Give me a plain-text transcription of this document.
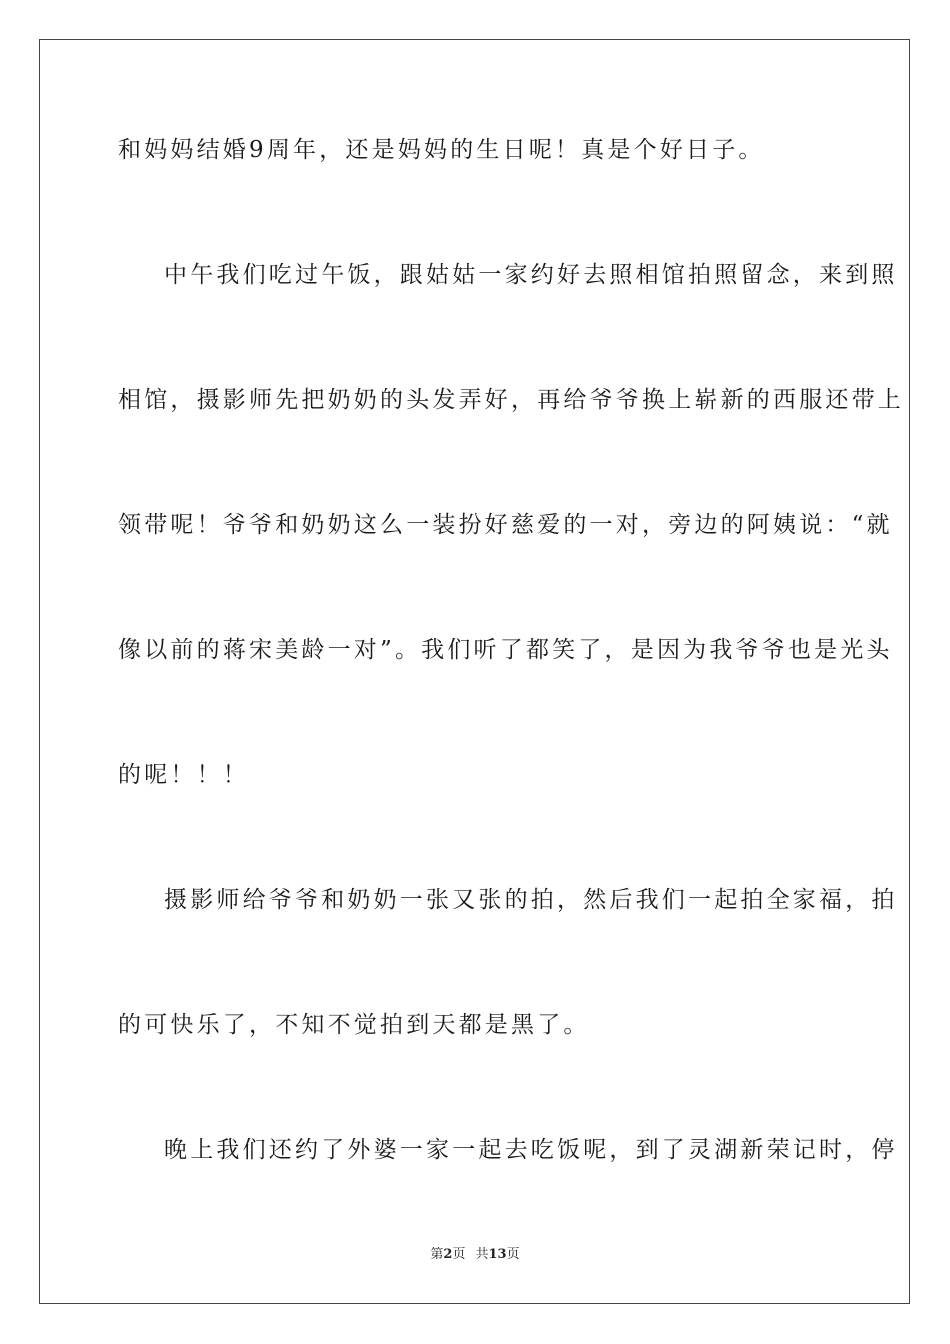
和妈妈结婚9周年，还是妈妈的生日呢！真是个好日子。
中午我们吃过午饭，跟姑姑一家约好去照相馆拍照留念，来到照
相馆，摄影师先把奶奶的头发弄好，再给爷爷换上崭新的西服还带上
领带呢！爷爷和奶奶这么一装扮好慈爱的一对，旁边的阿姨说：“就
像以前的蒋宋美龄一对”。我们听了都笑了，是因为我爷爷也是光头
的呢！！！
摄影师给爷爷和奶奶一张又张的拍，然后我们一起拍全家福，拍
的可快乐了，不知不觉拍到天都是黑了。
晚上我们还约了外婆一家一起去吃饭呢，到了灵湖新荣记时，停
第2页 共13页
